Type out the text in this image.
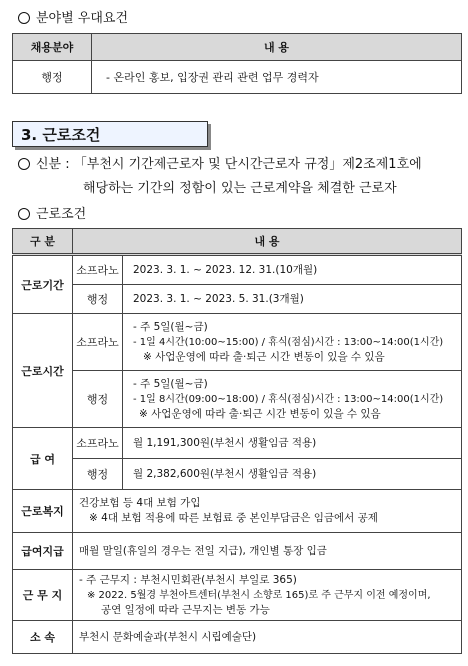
분야별 우대요건
채용분야	내 용
행정	- 온라인 홍보, 입장권 관리 관련 업무 경력자
3. 근로조건
신분 : 「부천시 기간제근로자 및 단시간근로자 규정」제2조제1호에
해당하는 기간의 정함이 있는 근로계약을 체결한 근로자
근로조건
구 분	내 용	
근로기간	소프라노	2023. 3. 1. ~ 2023. 12. 31.(10개월)
	행정	2023. 3. 1. ~ 2023. 5. 31.(3개월)
근로시간	소프라노	- 주 5일(월~금)
- 1일 4시간(10:00~15:00) / 휴식(점심)시간 : 13:00~14:00(1시간)
※ 사업운영에 따라 출·퇴근 시간 변동이 있을 수 있음

	행정	- 주 5일(월~금)
- 1일 8시간(09:00~18:00) / 휴식(점심)시간 : 13:00~14:00(1시간)
※ 사업운영에 따라 출·퇴근 시간 변동이 있을 수 있음

급 여	소프라노	월 1,191,300원(부천시 생활임금 적용)
	행정	월 2,382,600원(부천시 생활임금 적용)
근로복지	건강보험 등 4대 보험 가입
※ 4대 보험 적용에 따른 보험료 중 본인부담금은 임금에서 공제	

급여지급	매월 말일(휴일의 경우는 전일 지급), 개인별 통장 입금	
근 무 지	- 주 근무지 : 부천시민회관(부천시 부일로 365)
※ 2022. 5월경 부천아트센터(부천시 소향로 165)로 주 근무지 이전 예정이며,
공연 일정에 따라 근무지는 변동 가능	

소 속	부천시 문화예술과(부천시 시립예술단)	
